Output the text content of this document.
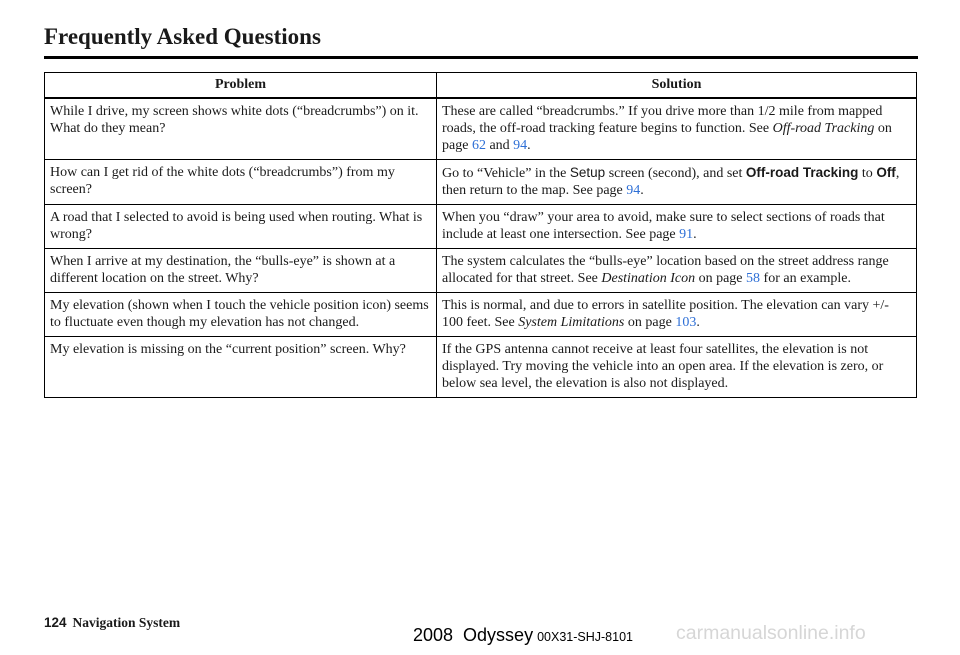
Frequently Asked Questions
Problem	Solution
While I drive, my screen shows white dots (“breadcrumbs”) on it. What do they mean?	These are called “breadcrumbs.” If you drive more than 1/2 mile from mapped roads, the off-road tracking feature begins to function. See Off-road Tracking on page 62 and 94.
How can I get rid of the white dots (“breadcrumbs”) from my screen?	Go to “Vehicle” in the Setup screen (second), and set Off-road Tracking to Off, then return to the map. See page 94.
A road that I selected to avoid is being used when routing. What is wrong?	When you “draw” your area to avoid, make sure to select sections of roads that include at least one intersection. See page 91.
When I arrive at my destination, the “bulls-eye” is shown at a different location on the street. Why?	The system calculates the “bulls-eye” location based on the street address range allocated for that street. See Destination Icon on page 58 for an example.
My elevation (shown when I touch the vehicle position icon) seems to fluctuate even though my elevation has not changed.	This is normal, and due to errors in satellite position. The elevation can vary +/- 100 feet. See System Limitations on page 103.
My elevation is missing on the “current position” screen. Why?	If the GPS antenna cannot receive at least four satellites, the elevation is not displayed. Try moving the vehicle into an open area. If the elevation is zero, or below sea level, the elevation is also not displayed.
124 Navigation System
2008  Odyssey 00X31-SHJ-8101 carmanualsonline.info
